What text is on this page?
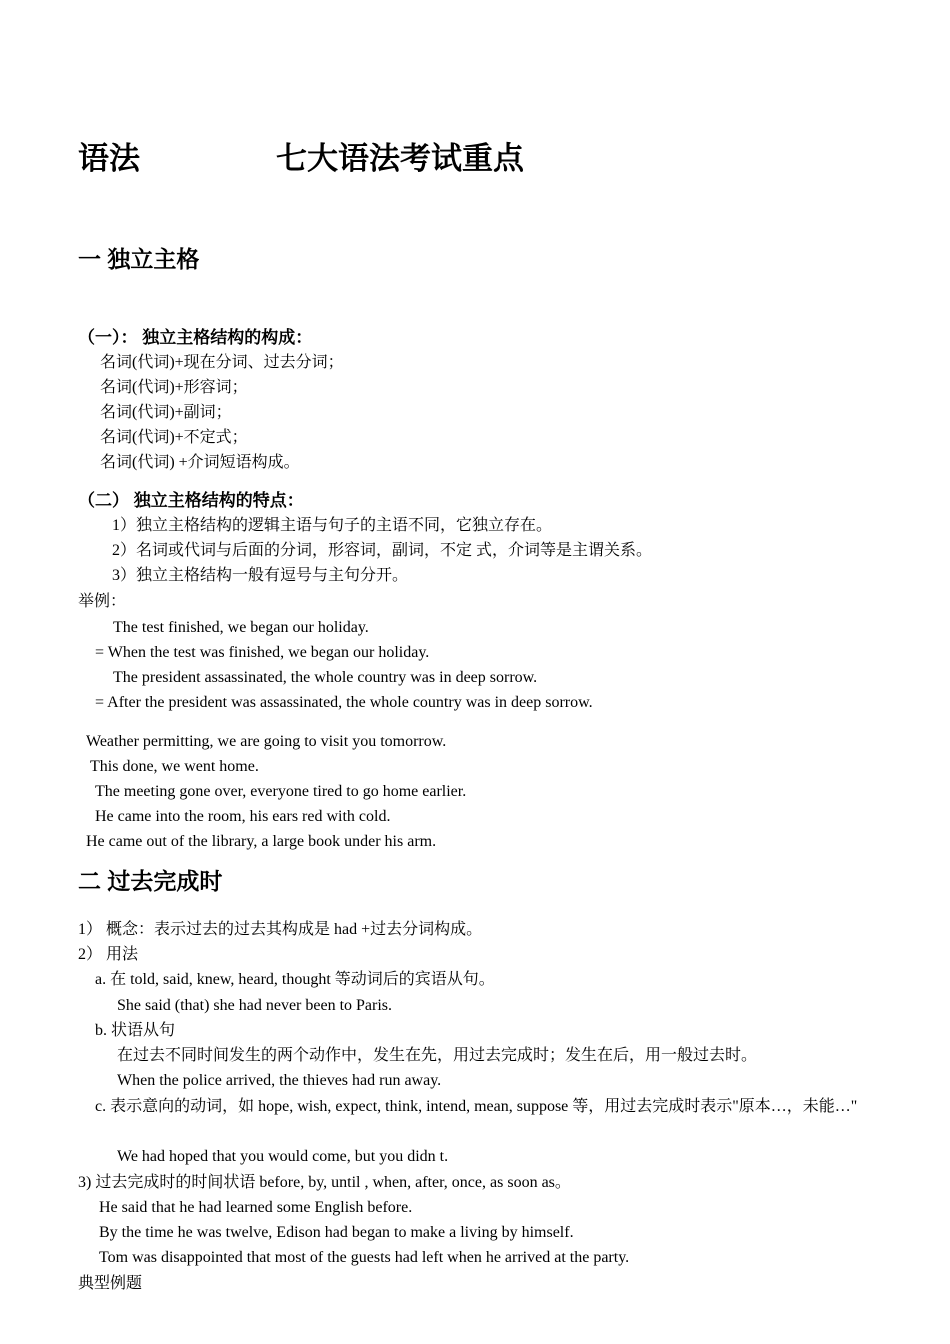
语法	七大语法考试重点
一 独立主格
（一）： 独立主格结构的构成：
名词(代词)+现在分词、过去分词；
名词(代词)+形容词；
名词(代词)+副词；
名词(代词)+不定式；
名词(代词) +介词短语构成。
（二） 独立主格结构的特点：
1）独立主格结构的逻辑主语与句子的主语不同，它独立存在。
2）名词或代词与后面的分词，形容词，副词，不定 式，介词等是主谓关系。
3）独立主格结构一般有逗号与主句分开。
举例：
The test finished, we began our holiday.
= When the test was finished, we began our holiday.
The president assassinated, the whole country was in deep sorrow.
= After the president was assassinated, the whole country was in deep sorrow.
Weather permitting, we are going to visit you tomorrow.
This done, we went home.
The meeting gone over, everyone tired to go home earlier.
He came into the room, his ears red with cold.
He came out of the library, a large book under his arm.
二 过去完成时
1） 概念：表示过去的过去其构成是 had +过去分词构成。
2） 用法
a. 在 told, said, knew, heard, thought 等动词后的宾语从句。
She said (that) she had never been to Paris.
b. 状语从句
在过去不同时间发生的两个动作中，发生在先，用过去完成时；发生在后，用一般过去时。
When the police arrived, the thieves had run away.
c. 表示意向的动词，如 hope, wish, expect, think, intend, mean, suppose 等，用过去完成时表示"原本…，未能…"
We had hoped that you would come, but you didn t.
3) 过去完成时的时间状语 before, by, until , when, after, once, as soon as。
He said that he had learned some English before.
By the time he was twelve, Edison had began to make a living by himself.
Tom was disappointed that most of the guests had left when he arrived at the party.
典型例题
